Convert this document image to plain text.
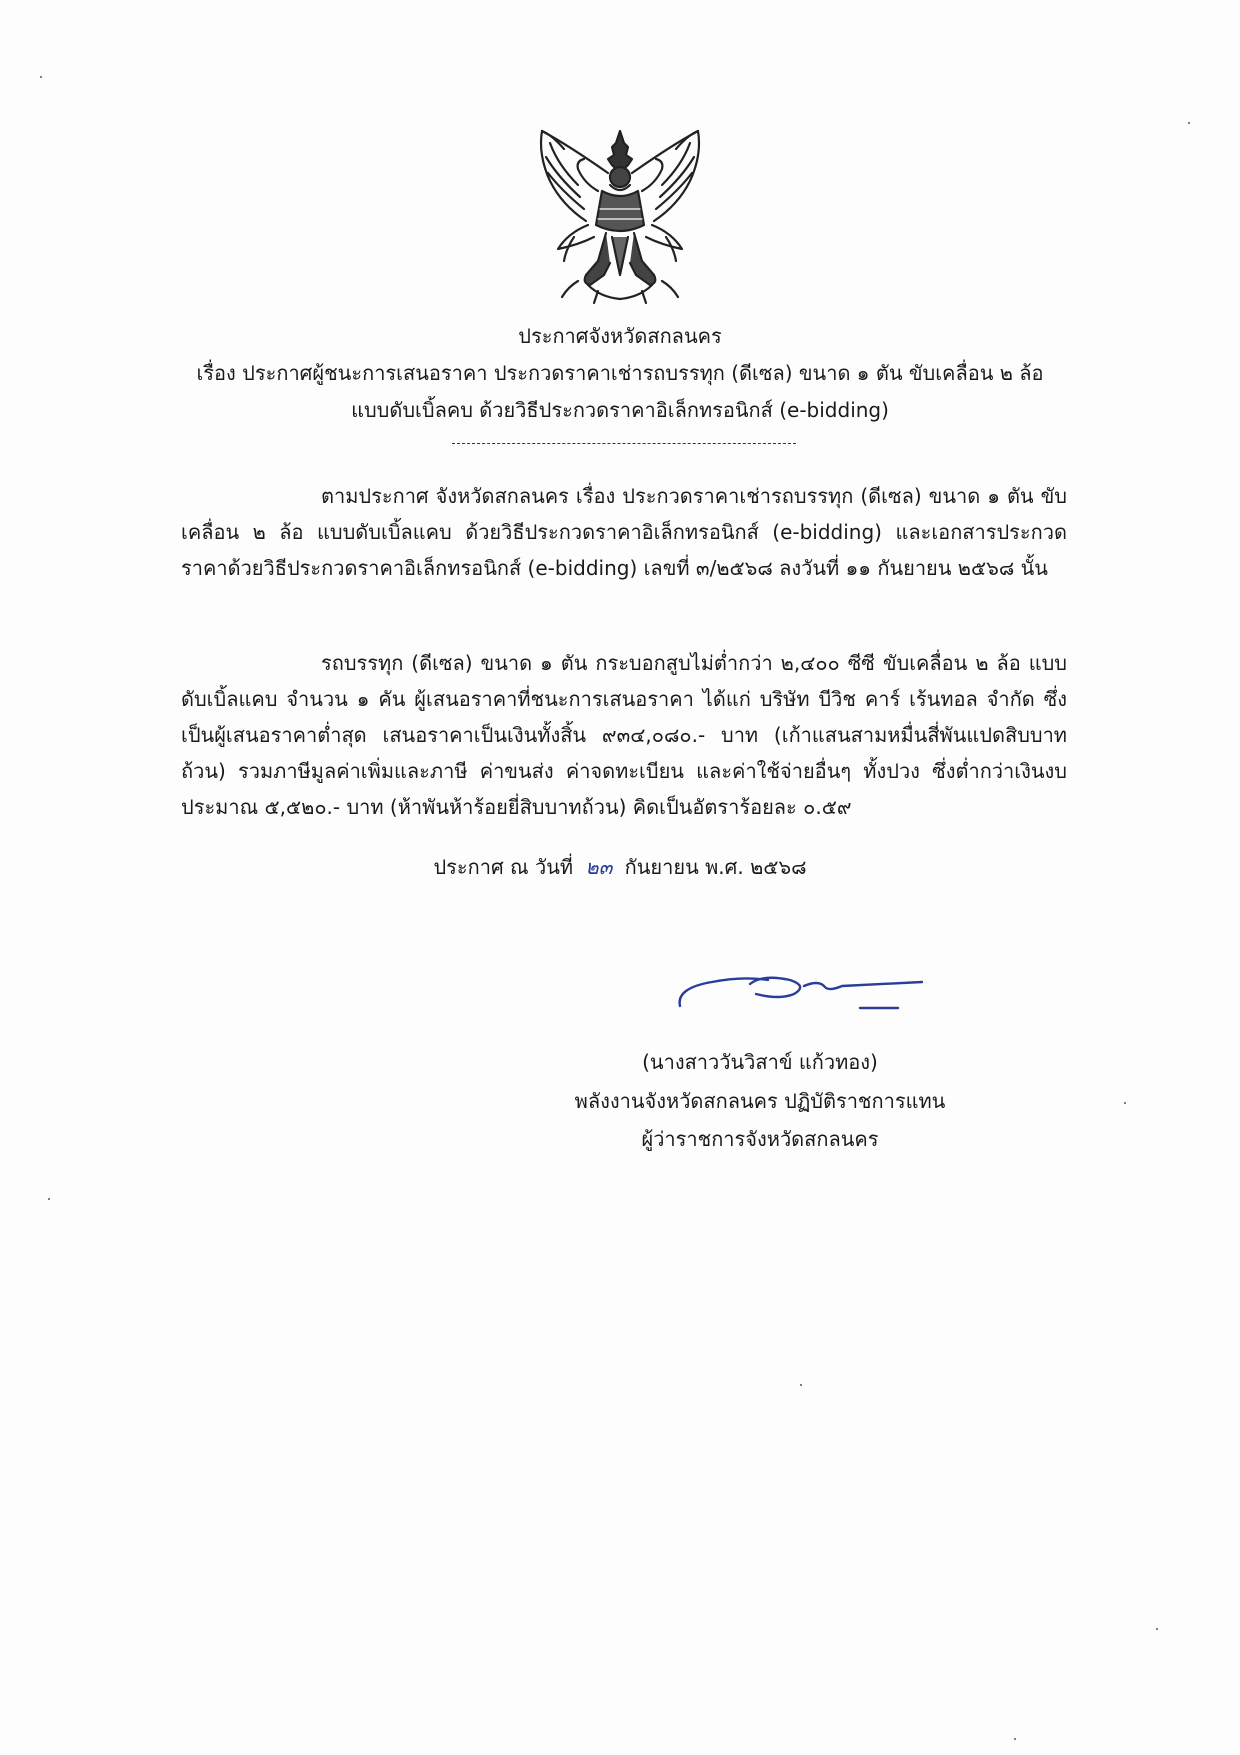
ประกาศจังหวัดสกลนคร
เรื่อง ประกาศผู้ชนะการเสนอราคา ประกวดราคาเช่ารถบรรทุก (ดีเซล) ขนาด ๑ ตัน ขับเคลื่อน ๒ ล้อ
แบบดับเบิ้ลคบ ด้วยวิธีประกวดราคาอิเล็กทรอนิกส์ (e-bidding)
ตามประกาศ จังหวัดสกลนคร เรื่อง ประกวดราคาเช่ารถบรรทุก (ดีเซล) ขนาด ๑ ตัน ขับเคลื่อน ๒ ล้อ แบบดับเบิ้ลแคบ ด้วยวิธีประกวดราคาอิเล็กทรอนิกส์ (e-bidding) และเอกสารประกวดราคาด้วยวิธีประกวดราคาอิเล็กทรอนิกส์ (e-bidding) เลขที่ ๓/๒๕๖๘ ลงวันที่ ๑๑ กันยายน ๒๕๖๘ นั้น
รถบรรทุก (ดีเซล) ขนาด ๑ ตัน กระบอกสูบไม่ต่ำกว่า ๒,๔๐๐ ซีซี ขับเคลื่อน ๒ ล้อ แบบดับเบิ้ลแคบ จำนวน ๑ คัน ผู้เสนอราคาที่ชนะการเสนอราคา ได้แก่ บริษัท บีวิช คาร์ เร้นทอล จำกัด ซึ่งเป็นผู้เสนอราคาต่ำสุด เสนอราคาเป็นเงินทั้งสิ้น ๙๓๔,๐๘๐.- บาท (เก้าแสนสามหมื่นสี่พันแปดสิบบาทถ้วน) รวมภาษีมูลค่าเพิ่มและภาษี ค่าขนส่ง ค่าจดทะเบียน และค่าใช้จ่ายอื่นๆ ทั้งปวง ซึ่งต่ำกว่าเงินงบประมาณ ๕,๕๒๐.- บาท (ห้าพันห้าร้อยยี่สิบบาทถ้วน) คิดเป็นอัตราร้อยละ ๐.๕๙
ประกาศ ณ วันที่ ๒๓ กันยายน พ.ศ. ๒๕๖๘
(นางสาววันวิสาข์ แก้วทอง)
พลังงานจังหวัดสกลนคร ปฏิบัติราชการแทน
ผู้ว่าราชการจังหวัดสกลนคร
